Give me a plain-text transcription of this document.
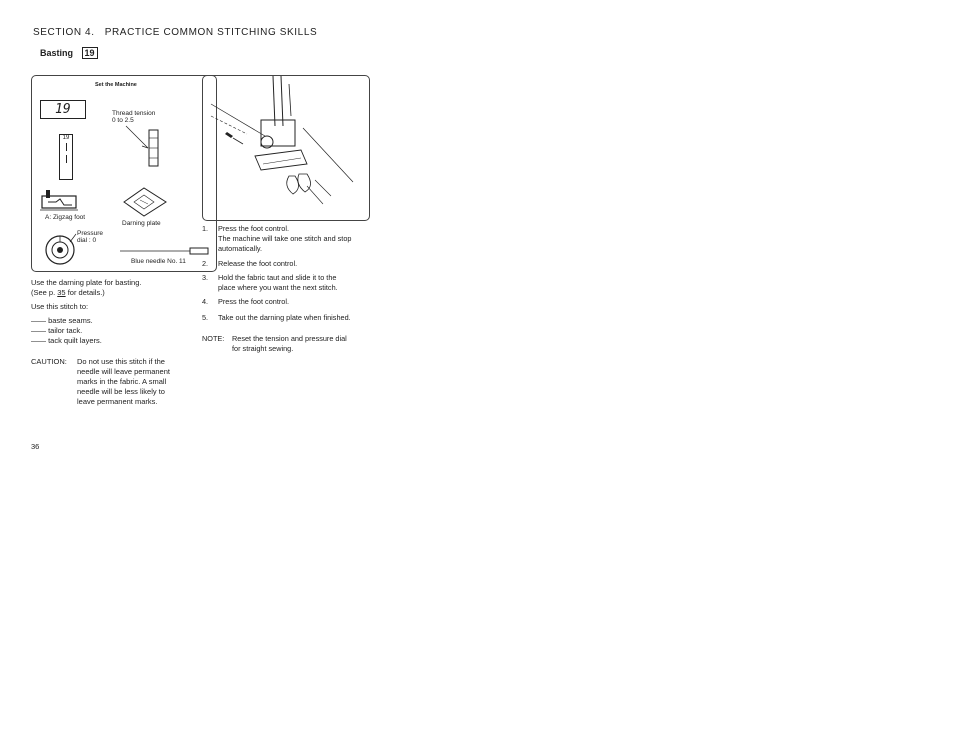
SECTION 4. PRACTICE COMMON STITCHING SKILLS
Basting 19
Set the Machine
19
19
Thread tension
0 to 2.5
A: Zigzag foot
Darning plate
Pressure
dial : 0
Blue needle No. 11
Use the darning plate for basting.
(See p. 35 for details.)
Use this stitch to:
—— baste seams.
—— tailor tack.
—— tack quilt layers.
CAUTION: Do not use this stitch if the
needle will leave permanent
marks in the fabric. A small
needle will be less likely to
leave permanent marks.
1. Press the foot control.
The machine will take one stitch and stop
automatically.
2. Release the foot control.
3. Hold the fabric taut and slide it to the
place where you want the next stitch.
4. Press the foot control.
5. Take out the darning plate when finished.
NOTE: Reset the tension and pressure dial
for straight sewing.
36
